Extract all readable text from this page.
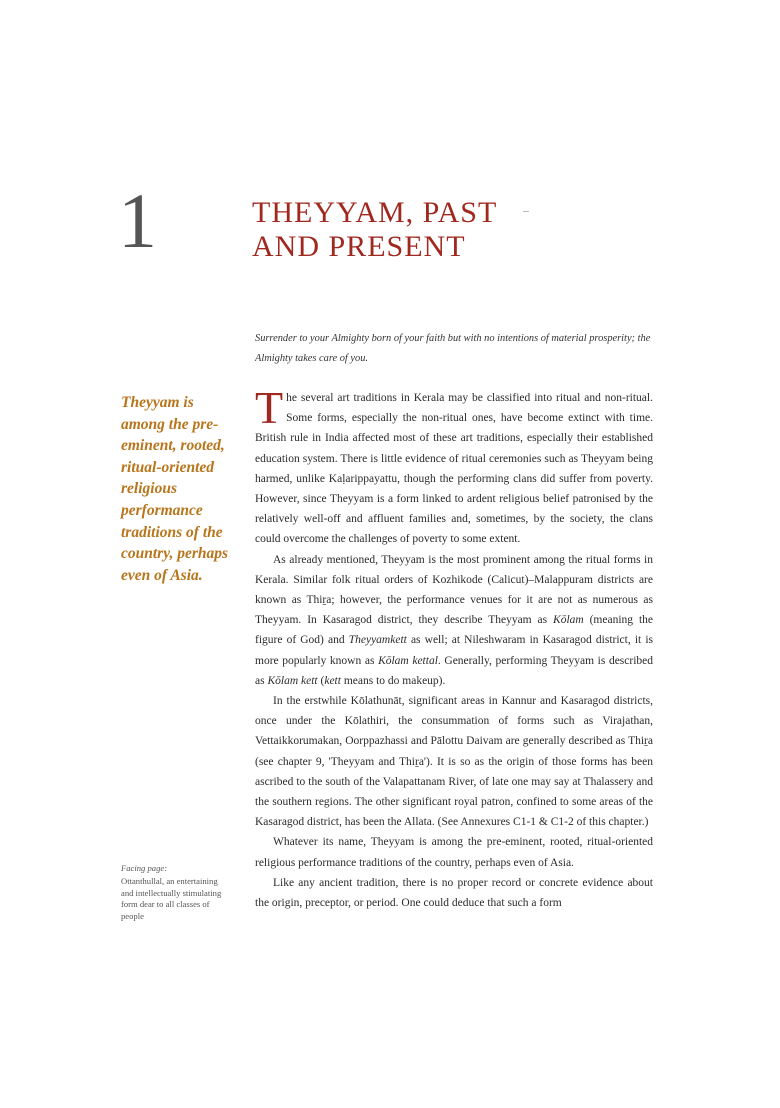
1	THEYYAM, PAST
AND PRESENT
Surrender to your Almighty born of your faith but with no intentions of material prosperity; the Almighty takes care of you.
Theyyam is among the pre-eminent, rooted, ritual-oriented religious performance traditions of the country, perhaps even of Asia.
Facing page:
Ottanthullal, an entertaining and intellectually stimulating form dear to all classes of people

The several art traditions in Kerala may be classified into ritual and non-ritual. Some forms, especially the non-ritual ones, have become extinct with time. British rule in India affected most of these art traditions, especially their established education system. There is little evidence of ritual ceremonies such as Theyyam being harmed, unlike Kaḷarippayattu, though the performing clans did suffer from poverty. However, since Theyyam is a form linked to ardent religious belief patronised by the relatively well-off and affluent families and, sometimes, by the society, the clans could overcome the challenges of poverty to some extent.

As already mentioned, Theyyam is the most prominent among the ritual forms in Kerala. Similar folk ritual orders of Kozhikode (Calicut)–Malappuram districts are known as Thiṟa; however, the performance venues for it are not as numerous as Theyyam. In Kasaragod district, they describe Theyyam as Kōlam (meaning the figure of God) and Theyyamkett as well; at Nileshwaram in Kasaragod district, it is more popularly known as Kōlam kettal. Generally, performing Theyyam is described as Kōlam kett (kett means to do makeup).

In the erstwhile Kōlathunāt, significant areas in Kannur and Kasaragod districts, once under the Kōlathiri, the consummation of forms such as Virajathan, Vettaikkorumakan, Oorppazhassi and Pālottu Daivam are generally described as Thiṟa (see chapter 9, 'Theyyam and Thiṟa'). It is so as the origin of those forms has been ascribed to the south of the Valapattanam River, of late one may say at Thalassery and the southern regions. The other significant royal patron, confined to some areas of the Kasaragod district, has been the Allata. (See Annexures C1-1 & C1-2 of this chapter.)

Whatever its name, Theyyam is among the pre-eminent, rooted, ritual-oriented religious performance traditions of the country, perhaps even of Asia.

Like any ancient tradition, there is no proper record or concrete evidence about the origin, preceptor, or period. One could deduce that such a form
